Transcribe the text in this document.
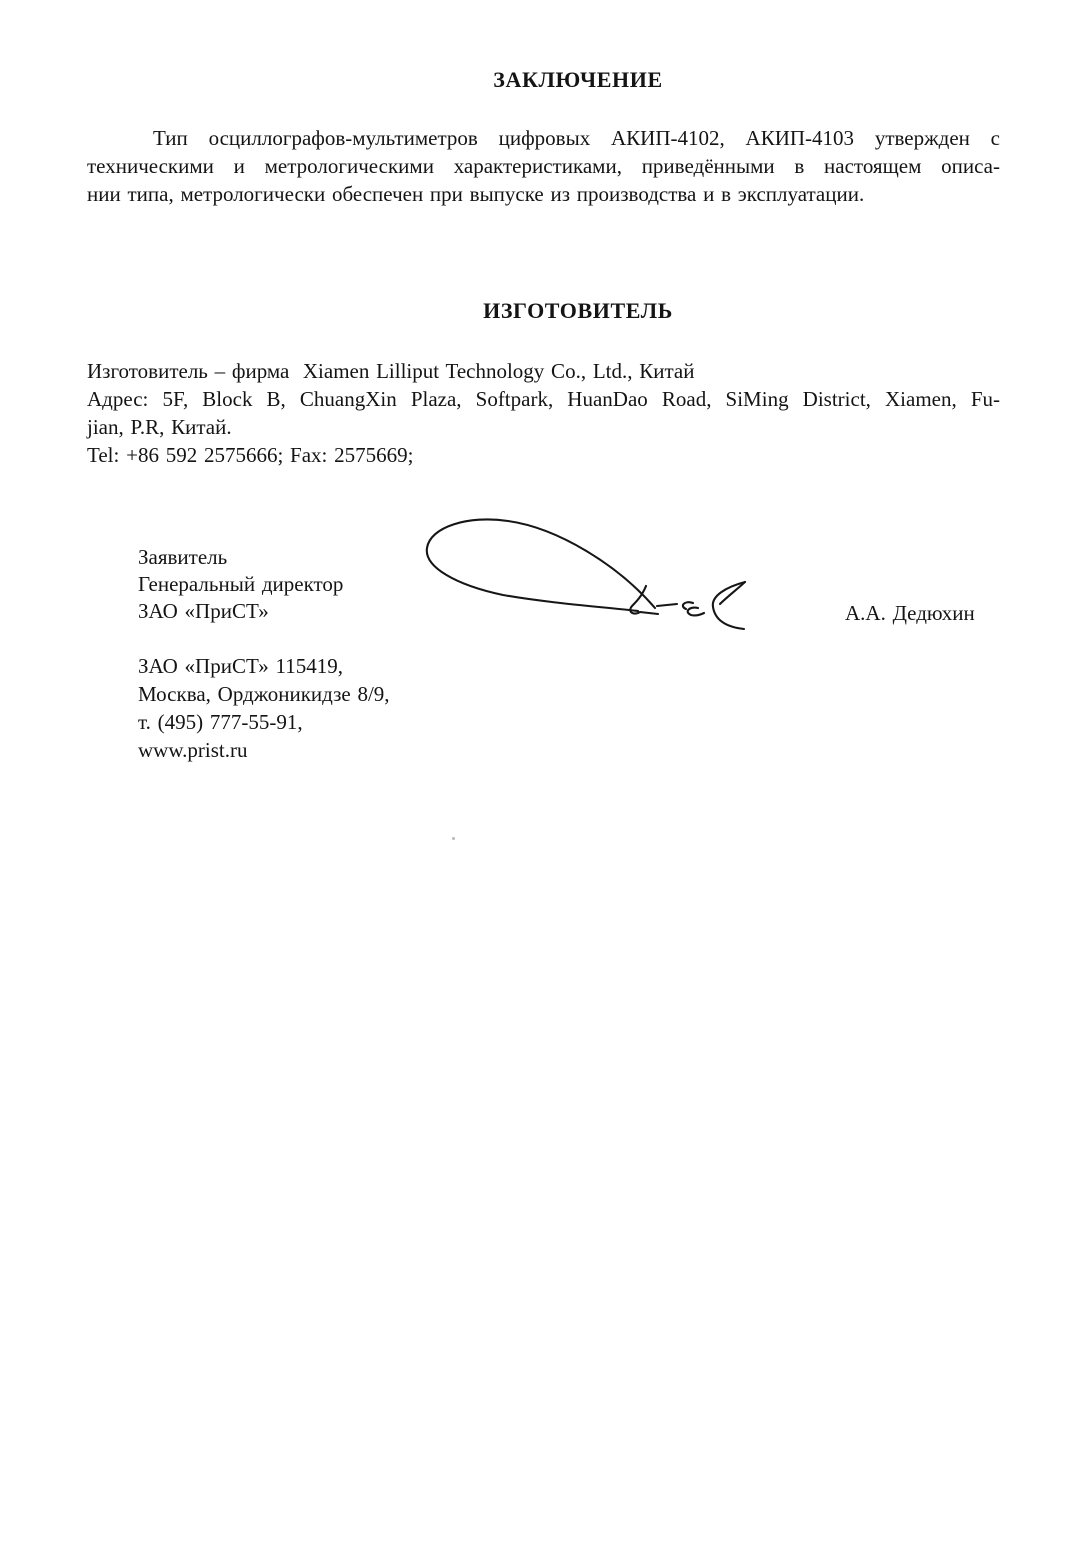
ЗАКЛЮЧЕНИЕ
Тип осциллографов-мультиметров цифровых АКИП-4102, АКИП-4103 утвержден с
техническими и метрологическими характеристиками, приведёнными в настоящем описа-
нии типа, метрологически обеспечен при выпуске из производства и в эксплуатации.
ИЗГОТОВИТЕЛЬ
Изготовитель – фирма  Xiamen Lilliput Technology Co., Ltd., Китай
Адрес: 5F, Block B, ChuangXin Plaza, Softpark, HuanDao Road, SiMing District, Xiamen, Fu-
jian, P.R, Китай.
Tel: +86 592 2575666; Fax: 2575669;
Заявитель
Генеральный директор
ЗАО «ПриСТ»	А.А. Дедюхин
ЗАО «ПриСТ» 115419,
Москва, Орджоникидзе 8/9,
т. (495) 777-55-91,
www.prist.ru
